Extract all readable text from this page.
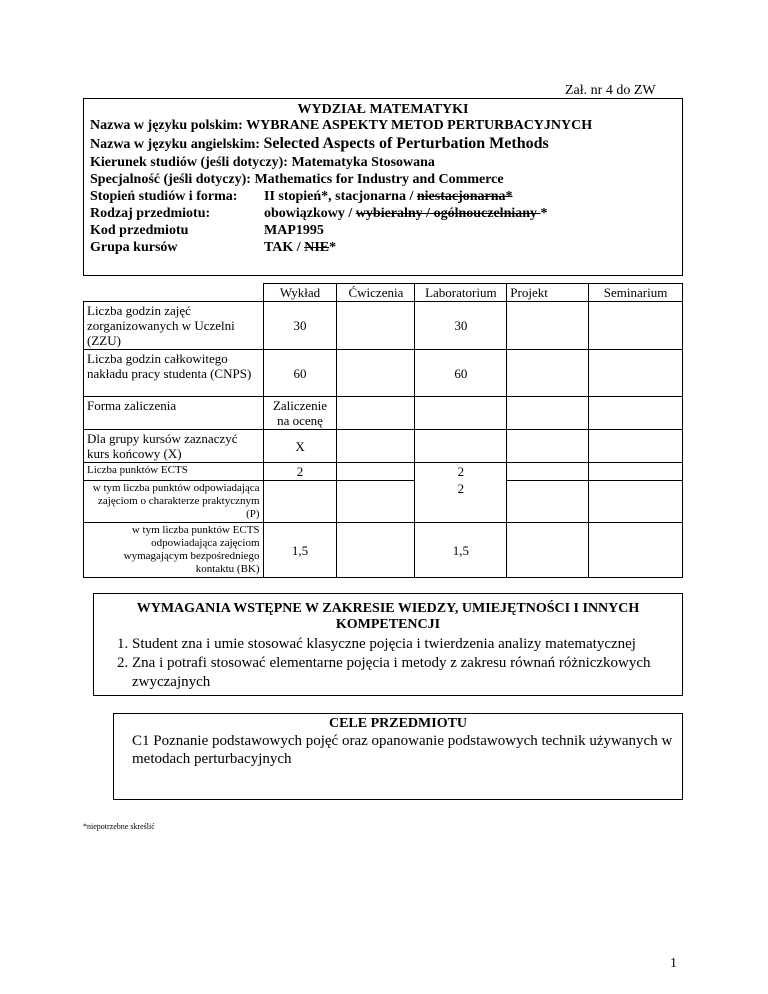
Zał. nr 4 do ZW
WYDZIAŁ MATEMATYKI
Nazwa w języku polskim: WYBRANE ASPEKTY METOD PERTURBACYJNYCH
Nazwa w języku angielskim: Selected Aspects of Perturbation Methods
Kierunek studiów (jeśli dotyczy): Matematyka Stosowana
Specjalność (jeśli dotyczy): Mathematics for Industry and Commerce
Stopień studiów i forma: II stopień*, stacjonarna / niestacjonarna*
Rodzaj przedmiotu:	obowiązkowy / wybieralny / ogólnouczelniany *
Kod przedmiotu	MAP1995
Grupa kursów	TAK / NIE*
	Wykład	Ćwiczenia	Laboratorium	Projekt	Seminarium
Liczba godzin zajęć zorganizowanych w Uczelni (ZZU)	30		30		
Liczba godzin całkowitego nakładu pracy studenta (CNPS)	60		60		
Forma zaliczenia	Zaliczenie na ocenę				
Dla grupy kursów zaznaczyć kurs końcowy (X)	X				
Liczba punktów ECTS	2		2		
w tym liczba punktów odpowiadająca zajęciom o charakterze praktycznym (P)			2		
w tym liczba punktów ECTS odpowiadająca zajęciom wymagającym bezpośredniego kontaktu (BK)	1,5		1,5		
WYMAGANIA WSTĘPNE W ZAKRESIE WIEDZY, UMIEJĘTNOŚCI I INNYCH
KOMPETENCJI
1. Student zna i umie stosować klasyczne pojęcia i twierdzenia analizy matematycznej
2. Zna i potrafi stosować elementarne pojęcia i metody z zakresu równań różniczkowych zwyczajnych
CELE PRZEDMIOTU
C1 Poznanie podstawowych pojęć oraz opanowanie podstawowych technik używanych w metodach perturbacyjnych
*niepotrzebne skreślić
1
